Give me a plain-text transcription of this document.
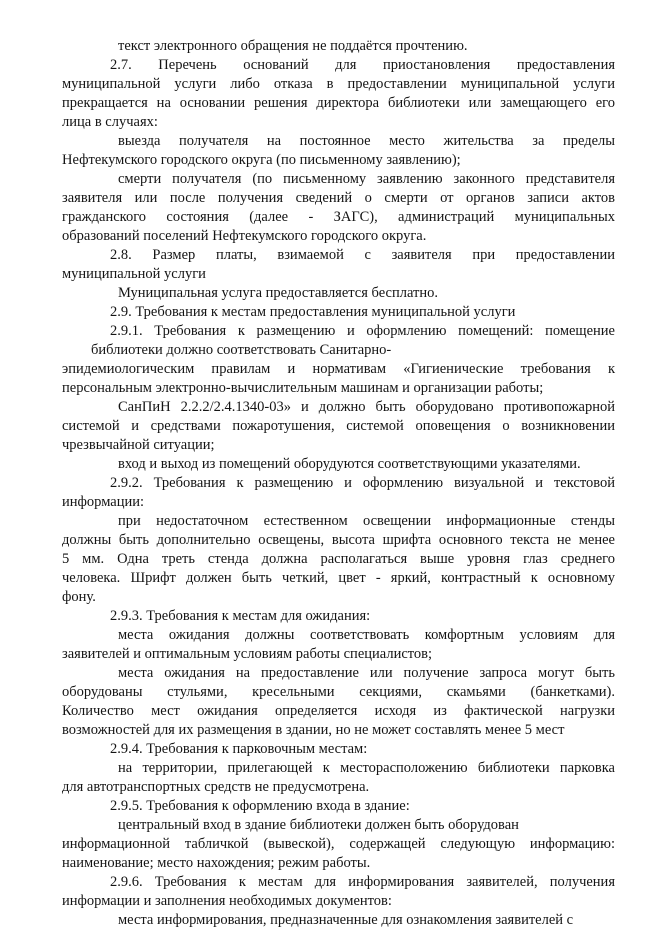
текст электронного обращения не поддаётся прочтению.
2.7. Перечень оснований для приостановления предоставления
муниципальной услуги либо отказа в предоставлении муниципальной услуги
прекращается на основании решения директора библиотеки или замещающего его
лица в случаях:
выезда получателя на постоянное место жительства за пределы
Нефтекумского городского округа (по письменному заявлению);
смерти получателя (по письменному заявлению законного представителя
заявителя или после получения сведений о смерти от органов записи актов
гражданского состояния (далее - ЗАГС), администраций муниципальных
образований поселений Нефтекумского городского округа.
2.8. Размер платы, взимаемой с заявителя при предоставлении
муниципальной услуги
Муниципальная услуга предоставляется бесплатно.
2.9. Требования к местам предоставления муниципальной услуги
2.9.1. Требования к размещению и оформлению помещений: помещение
библиотеки должно соответствовать Санитарно-
эпидемиологическим правилам и нормативам «Гигиенические требования к
персональным электронно-вычислительным машинам и организации работы;
СанПиН 2.2.2/2.4.1340-03» и должно быть оборудовано противопожарной
системой и средствами пожаротушения, системой оповещения о возникновении
чрезвычайной ситуации;
вход и выход из помещений оборудуются соответствующими указателями.
2.9.2. Требования к размещению и оформлению визуальной и текстовой
информации:
при недостаточном естественном освещении информационные стенды
должны быть дополнительно освещены, высота шрифта основного текста не менее
5 мм. Одна треть стенда должна располагаться выше уровня глаз среднего
человека. Шрифт должен быть четкий, цвет - яркий, контрастный к основному
фону.
2.9.3. Требования к местам для ожидания:
места ожидания должны соответствовать комфортным условиям для
заявителей и оптимальным условиям работы специалистов;
места ожидания на предоставление или получение запроса могут быть
оборудованы стульями, кресельными секциями, скамьями (банкетками).
Количество мест ожидания определяется исходя из фактической нагрузки
возможностей для их размещения в здании, но не может составлять менее 5 мест
2.9.4. Требования к парковочным местам:
на территории, прилегающей к месторасположению библиотеки парковка
для автотранспортных средств не предусмотрена.
2.9.5. Требования к оформлению входа в здание:
центральный вход в здание библиотеки должен быть оборудован
информационной табличкой (вывеской), содержащей следующую информацию:
наименование; место нахождения; режим работы.
2.9.6. Требования к местам для информирования заявителей, получения
информации и заполнения необходимых документов:
места информирования, предназначенные для ознакомления заявителей с
